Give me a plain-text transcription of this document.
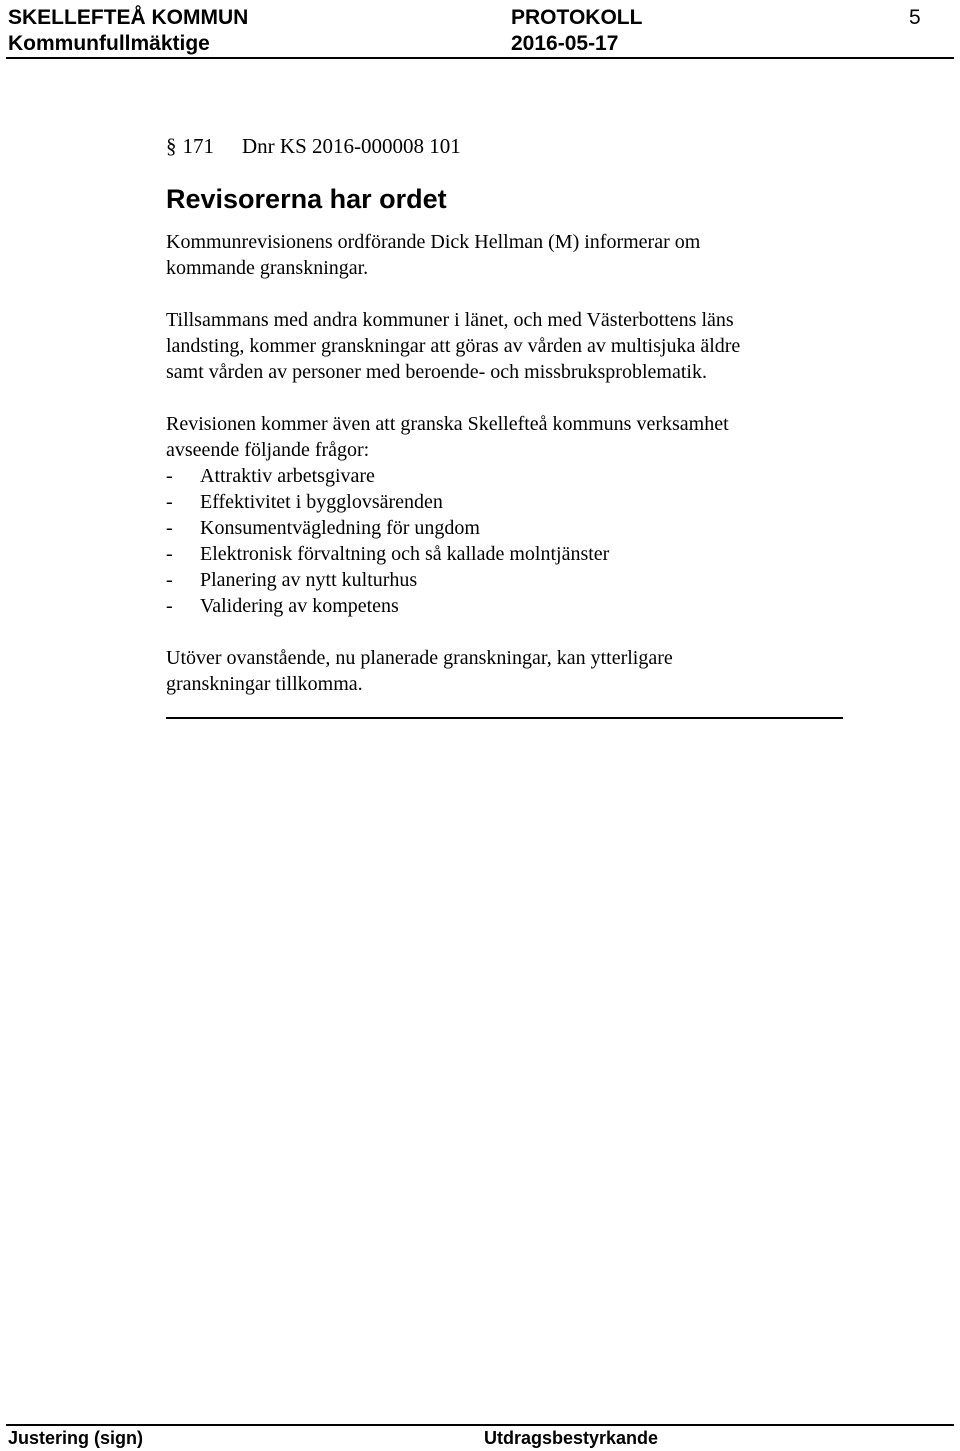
SKELLEFTEÅ KOMMUN
Kommunfullmäktige
PROTOKOLL
2016-05-17
5
§ 171 Dnr KS 2016-000008 101
Revisorerna har ordet
Kommunrevisionens ordförande Dick Hellman (M) informerar om
kommande granskningar.
Tillsammans med andra kommuner i länet, och med Västerbottens läns
landsting, kommer granskningar att göras av vården av multisjuka äldre
samt vården av personer med beroende- och missbruksproblematik.
Revisionen kommer även att granska Skellefteå kommuns verksamhet
avseende följande frågor:
- Attraktiv arbetsgivare
- Effektivitet i bygglovsärenden
- Konsumentvägledning för ungdom
- Elektronisk förvaltning och så kallade molntjänster
- Planering av nytt kulturhus
- Validering av kompetens
Utöver ovanstående, nu planerade granskningar, kan ytterligare
granskningar tillkomma.
Justering (sign)	Utdragsbestyrkande
